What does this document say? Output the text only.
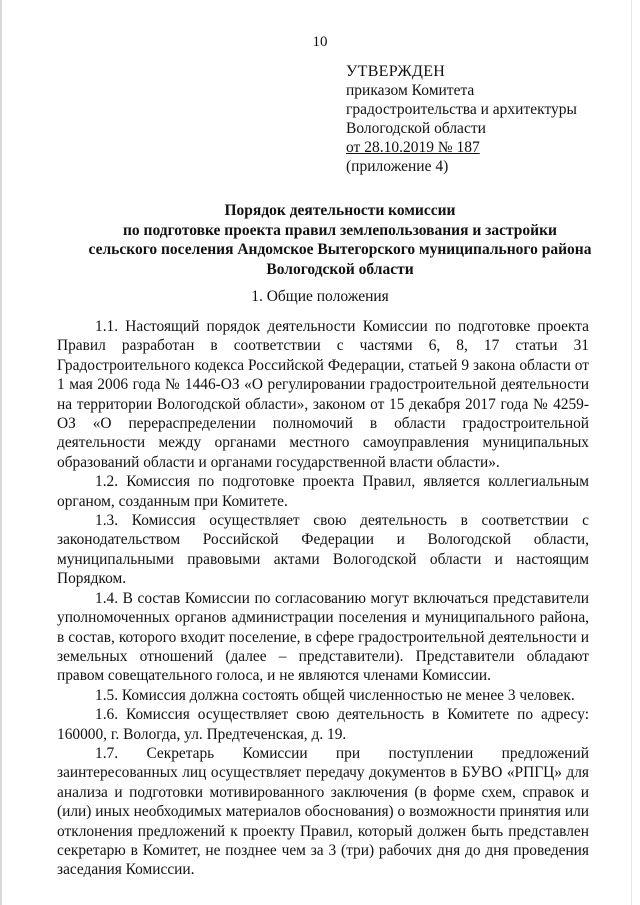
10
УТВЕРЖДЕН
приказом Комитета
градостроительства и архитектуры
Вологодской области
от 28.10.2019 № 187
(приложение 4)
Порядок деятельности комиссии
по подготовке проекта правил землепользования и застройки
сельского поселения Андомское Вытегорского муниципального района
Вологодской области
1. Общие положения

1.1. Настоящий порядок деятельности Комиссии по подготовке проекта Правил разработан в соответствии с частями 6, 8, 17 статьи 31 Градостроительного кодекса Российской Федерации, статьей 9 закона области от 1 мая 2006 года № 1446-ОЗ «О регулировании градостроительной деятельности на территории Вологодской области», законом от 15 декабря 2017 года № 4259-ОЗ «О перераспределении полномочий в области градостроительной деятельности между органами местного самоуправления муниципальных образований области и органами государственной власти области».

1.2. Комиссия по подготовке проекта Правил, является коллегиальным органом, созданным при Комитете.

1.3. Комиссия осуществляет свою деятельность в соответствии с законодательством Российской Федерации и Вологодской области, муниципальными правовыми актами Вологодской области и настоящим Порядком.

1.4. В состав Комиссии по согласованию могут включаться представители уполномоченных органов администрации поселения и муниципального района, в состав, которого входит поселение, в сфере градостроительной деятельности и земельных отношений (далее – представители). Представители обладают правом совещательного голоса, и не являются членами Комиссии.

1.5. Комиссия должна состоять общей численностью не менее 3 человек.

1.6. Комиссия осуществляет свою деятельность в Комитете по адресу: 160000, г. Вологда, ул. Предтеченская, д. 19.

1.7. Секретарь Комиссии при поступлении предложений заинтересованных лиц осуществляет передачу документов в БУВО «РПГЦ» для анализа и подготовки мотивированного заключения (в форме схем, справок и (или) иных необходимых материалов обоснования) о возможности принятия или отклонения предложений к проекту Правил, который должен быть представлен секретарю в Комитет, не позднее чем за 3 (три) рабочих дня до дня проведения заседания Комиссии.
